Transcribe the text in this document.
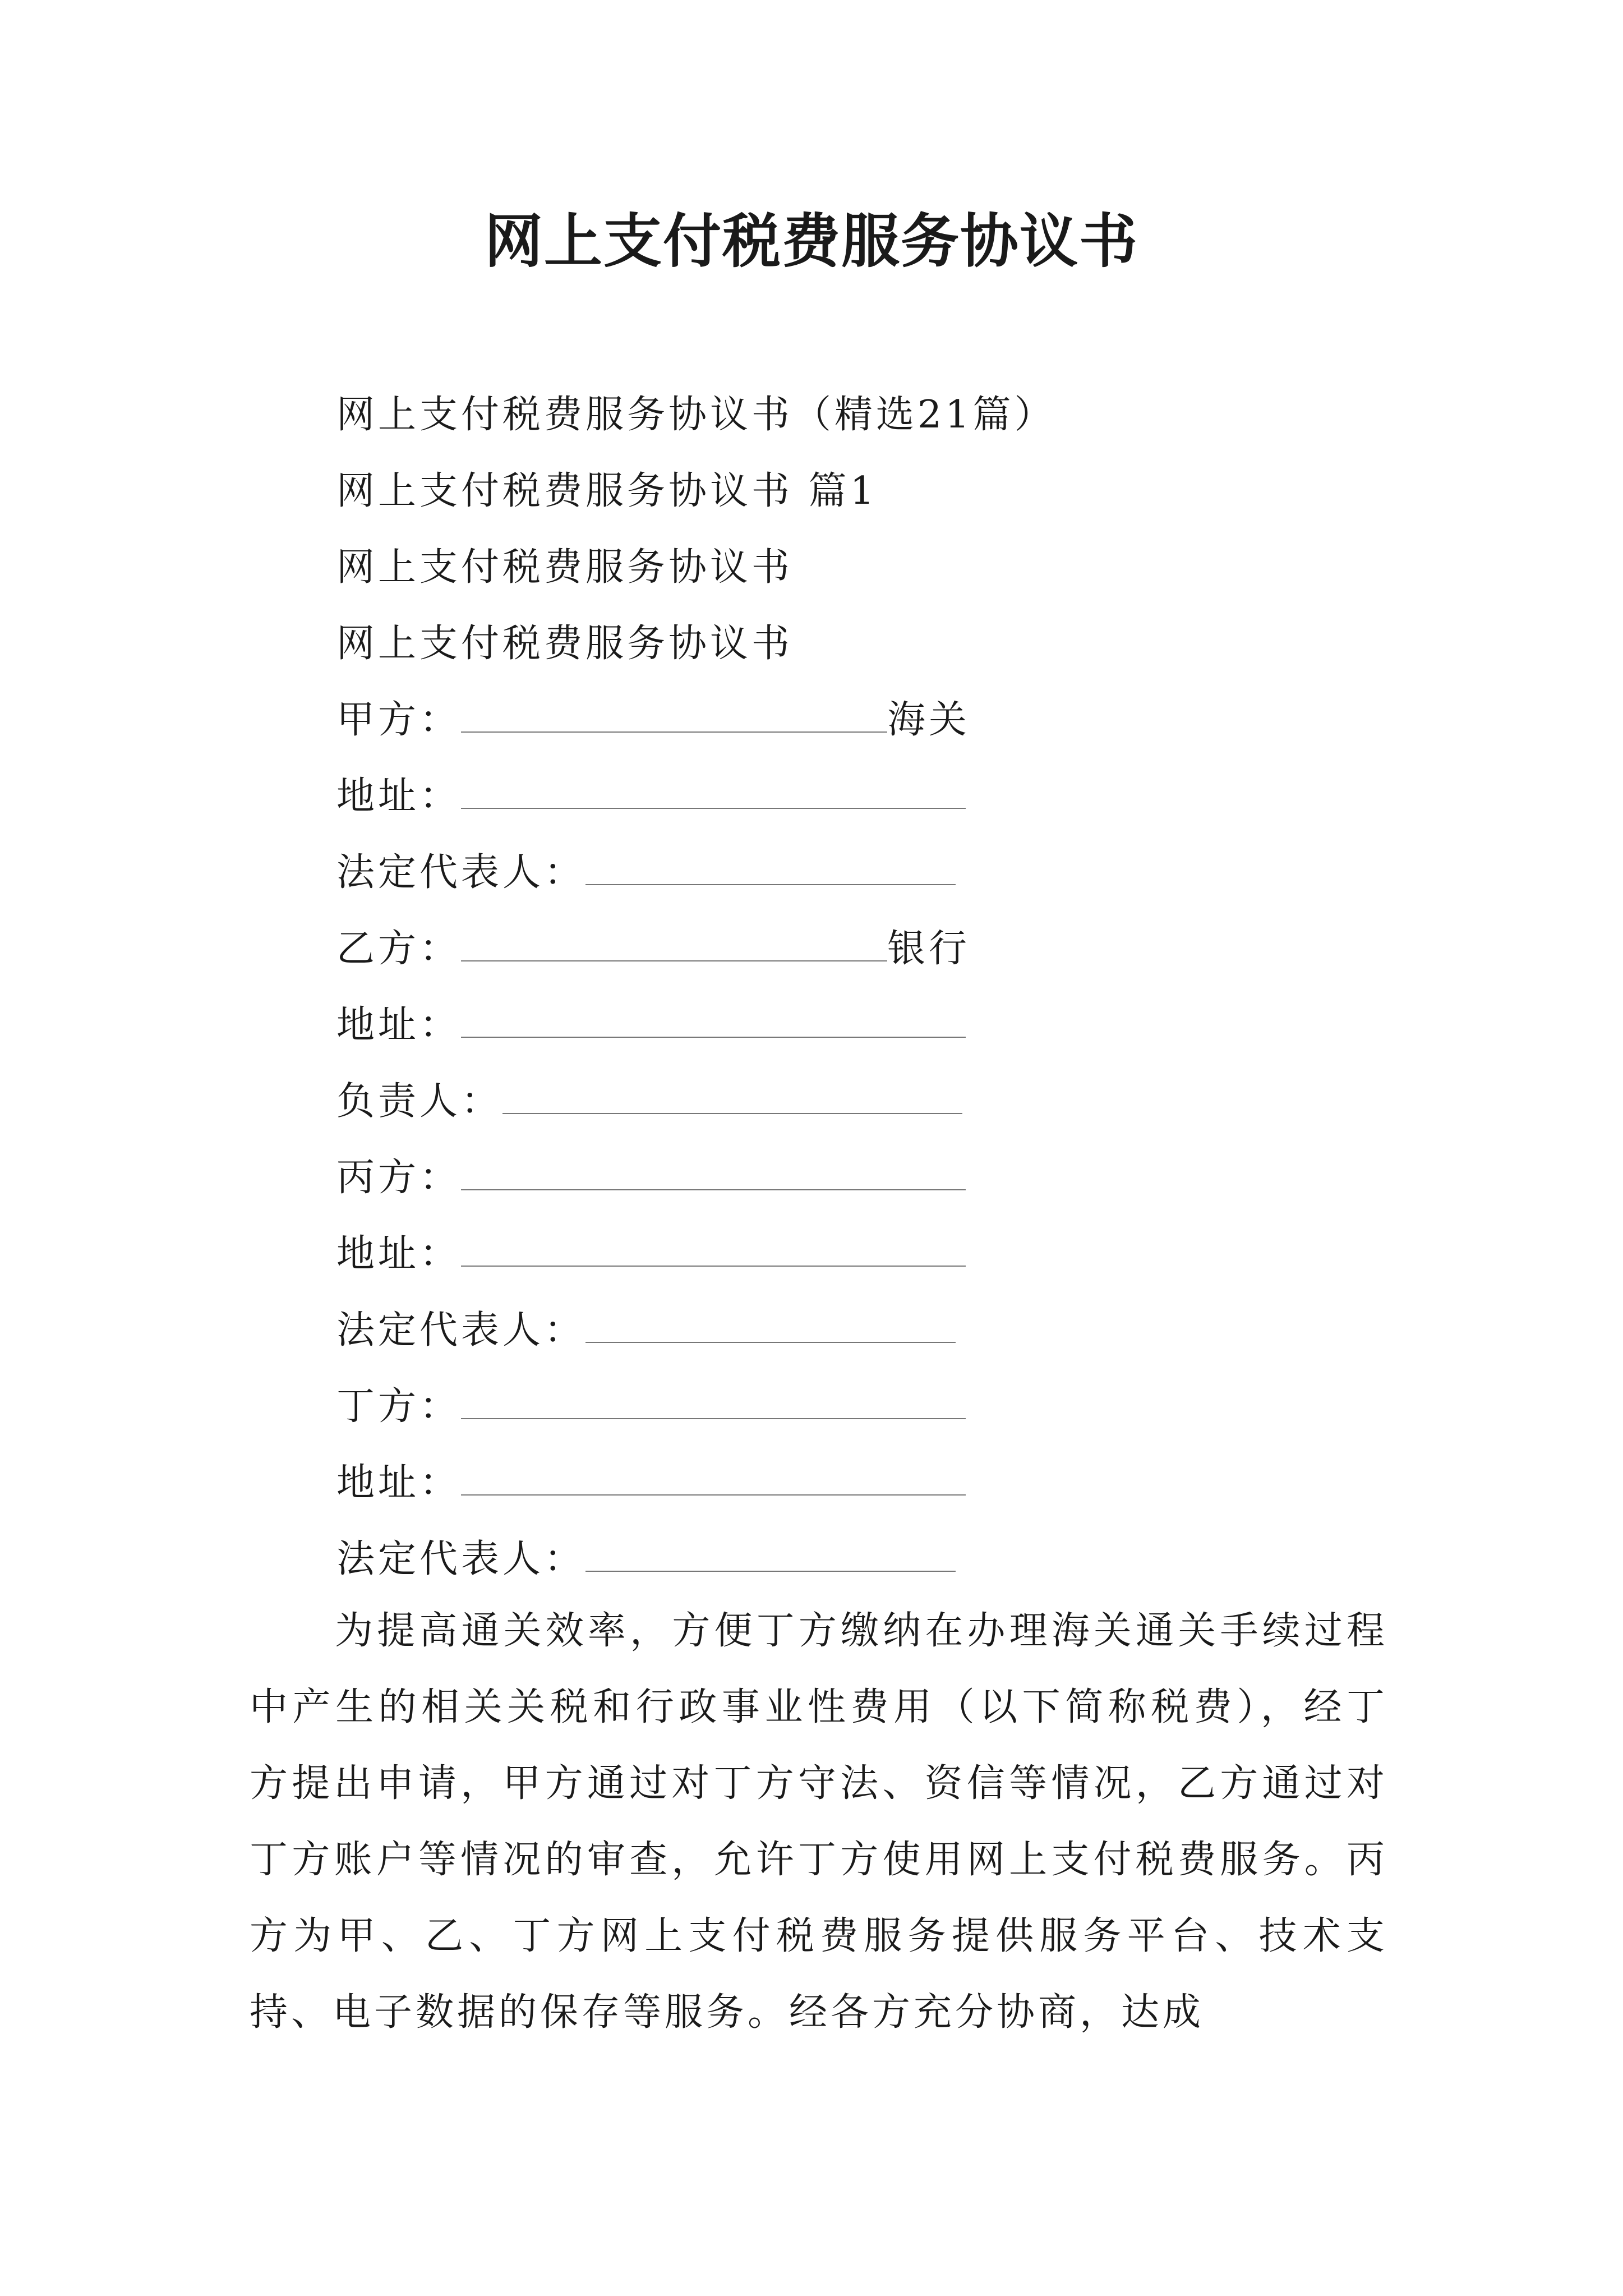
网上支付税费服务协议书
网上支付税费服务协议书（精选21篇）
网上支付税费服务协议书 篇1
网上支付税费服务协议书
网上支付税费服务协议书
甲方：	海关
地址：
法定代表人：
乙方：	银行
地址：
负责人：
丙方：
地址：
法定代表人：
丁方：
地址：
法定代表人：
为提高通关效率，方便丁方缴纳在办理海关通关手续过程中产生的相关关税和行政事业性费用（以下简称税费），经丁方提出申请，甲方通过对丁方守法、资信等情况，乙方通过对丁方账户等情况的审查，允许丁方使用网上支付税费服务。丙方为甲、乙、丁方网上支付税费服务提供服务平台、技术支持、电子数据的保存等服务。经各方充分协商，达成
